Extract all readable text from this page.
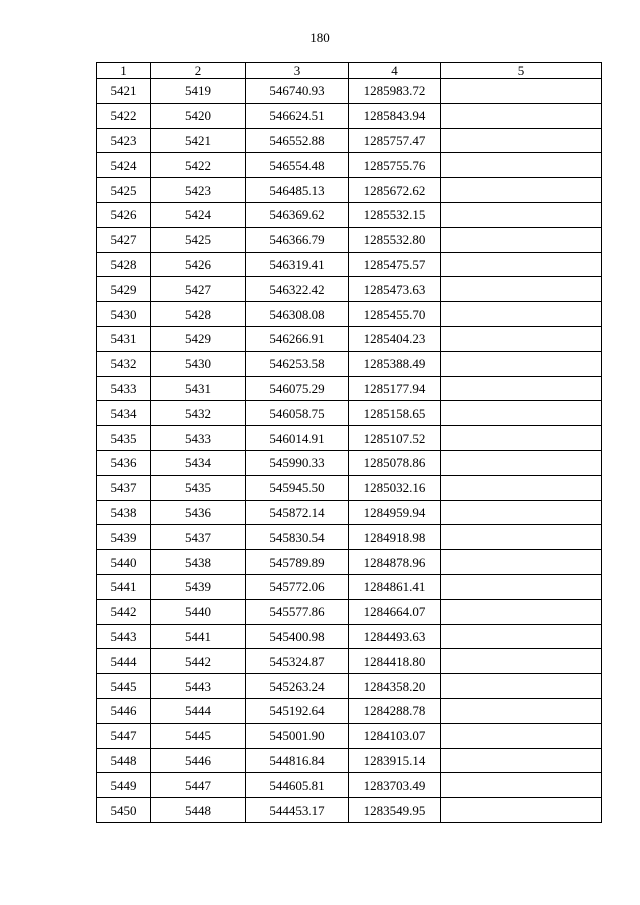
180
1	2	3	4	5
5421	5419	546740.93	1285983.72	
5422	5420	546624.51	1285843.94	
5423	5421	546552.88	1285757.47	
5424	5422	546554.48	1285755.76	
5425	5423	546485.13	1285672.62	
5426	5424	546369.62	1285532.15	
5427	5425	546366.79	1285532.80	
5428	5426	546319.41	1285475.57	
5429	5427	546322.42	1285473.63	
5430	5428	546308.08	1285455.70	
5431	5429	546266.91	1285404.23	
5432	5430	546253.58	1285388.49	
5433	5431	546075.29	1285177.94	
5434	5432	546058.75	1285158.65	
5435	5433	546014.91	1285107.52	
5436	5434	545990.33	1285078.86	
5437	5435	545945.50	1285032.16	
5438	5436	545872.14	1284959.94	
5439	5437	545830.54	1284918.98	
5440	5438	545789.89	1284878.96	
5441	5439	545772.06	1284861.41	
5442	5440	545577.86	1284664.07	
5443	5441	545400.98	1284493.63	
5444	5442	545324.87	1284418.80	
5445	5443	545263.24	1284358.20	
5446	5444	545192.64	1284288.78	
5447	5445	545001.90	1284103.07	
5448	5446	544816.84	1283915.14	
5449	5447	544605.81	1283703.49	
5450	5448	544453.17	1283549.95	
